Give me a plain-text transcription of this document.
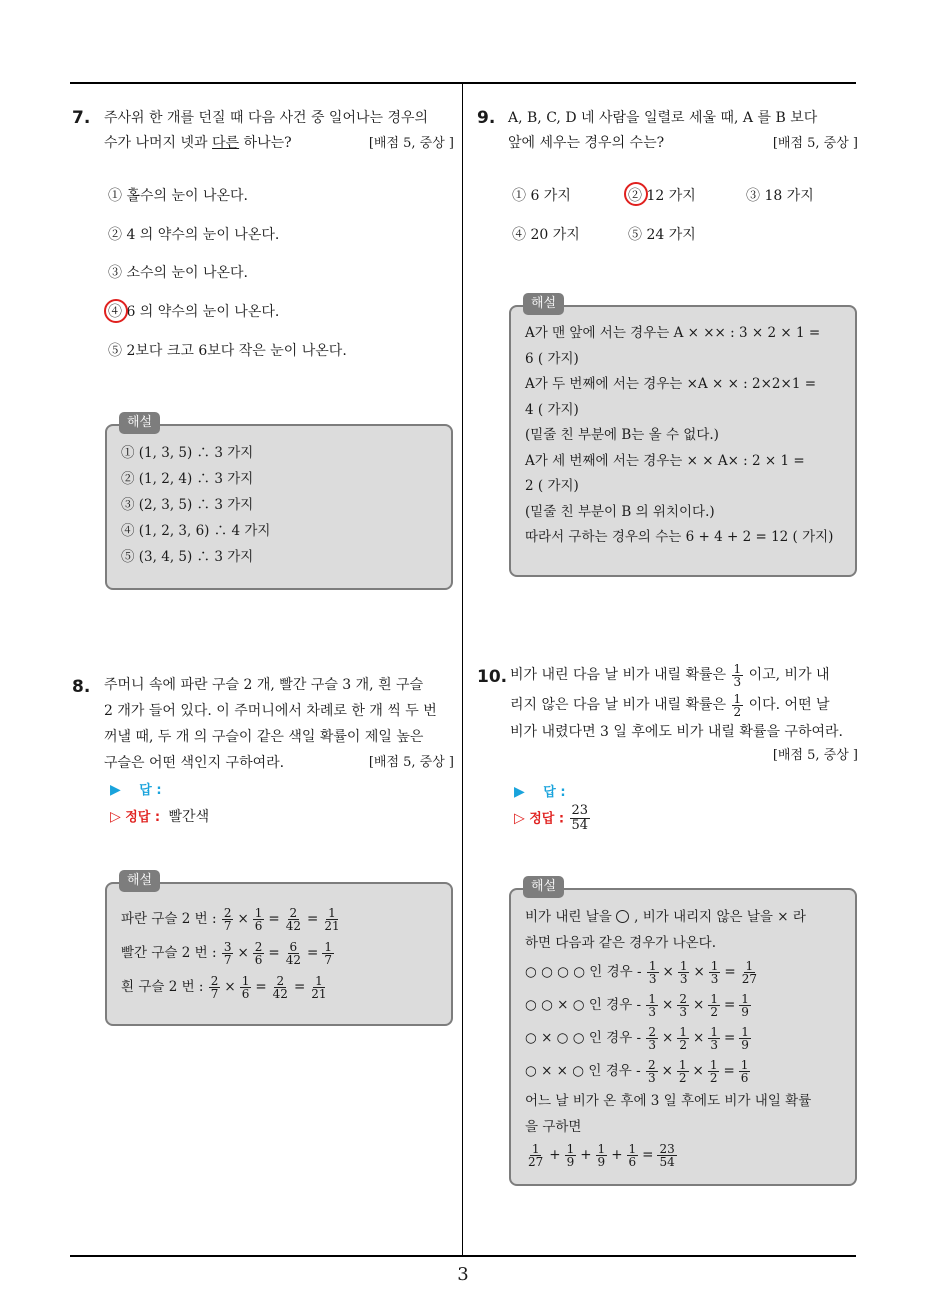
7. 주사위 한 개를 던질 때 다음 사건 중 일어나는 경우의
수가 나머지 넷과 다른 하나는?	[배점 5, 중상 ]
① 홀수의 눈이 나온다.
② 4 의 약수의 눈이 나온다.
③ 소수의 눈이 나온다.
④ 6 의 약수의 눈이 나온다.
⑤ 2보다 크고 6보다 작은 눈이 나온다.
해설
① (1, 3, 5) ∴ 3 가지
② (1, 2, 4) ∴ 3 가지
③ (2, 3, 5) ∴ 3 가지
④ (1, 2, 3, 6) ∴ 4 가지
⑤ (3, 4, 5) ∴ 3 가지
8. 주머니 속에 파란 구슬 2 개, 빨간 구슬 3 개, 흰 구슬
2 개가 들어 있다. 이 주머니에서 차례로 한 개 씩 두 번
꺼낼 때, 두 개 의 구슬이 같은 색일 확률이 제일 높은
구슬은 어떤 색인지 구하여라.	[배점 5, 중상 ]
▶ 답 :
▷ 정답 : 빨간색
해설
파란 구슬 2 번 : $\frac{2}{7} \times \frac{1}{6} = \frac{2}{42} = \frac{1}{21}$
빨간 구슬 2 번 : $\frac{3}{7} \times \frac{2}{6} = \frac{6}{42} = \frac{1}{7}$
흰 구슬 2 번 : $\frac{2}{7} \times \frac{1}{6} = \frac{2}{42} = \frac{1}{21}$
9. A, B, C, D 네 사람을 일렬로 세울 때, A 를 B 보다
앞에 세우는 경우의 수는?	[배점 5, 중상 ]
① 6 가지	② 12 가지	③ 18 가지
④ 20 가지	⑤ 24 가지
해설
A가 맨 앞에 서는 경우는 A × ×× : 3 × 2 × 1 =
6 ( 가지)
A가 두 번째에 서는 경우는 ×A × × : 2×2×1 =
4 ( 가지)
(밑줄 친 부분에 B는 올 수 없다.)
A가 세 번째에 서는 경우는 × × A× : 2 × 1 =
2 ( 가지)
(밑줄 친 부분이 B 의 위치이다.)
따라서 구하는 경우의 수는 6 + 4 + 2 = 12 ( 가지)
10. 비가 내린 다음 날 비가 내릴 확률은 $\frac{1}{3}$ 이고, 비가 내
리지 않은 다음 날 비가 내릴 확률은 $\frac{1}{2}$ 이다. 어떤 날
비가 내렸다면 3 일 후에도 비가 내릴 확률을 구하여라.
[배점 5, 중상 ]
▶ 답 :
▷ 정답 : $\frac{23}{54}$
해설
비가 내린 날을 , 비가 내리지 않은 날을 × 라
하면 다음과 같은 경우가 나온다.
○ ○ ○ ○ 인 경우 - $\frac{1}{3} \times \frac{1}{3} \times \frac{1}{3} = \frac{1}{27}$
○ ○ × ○ 인 경우 - $\frac{1}{3} \times \frac{2}{3} \times \frac{1}{2} = \frac{1}{9}$
○ × ○ ○ 인 경우 - $\frac{2}{3} \times \frac{1}{2} \times \frac{1}{3} = \frac{1}{9}$
○ × × ○ 인 경우 - $\frac{2}{3} \times \frac{1}{2} \times \frac{1}{2} = \frac{1}{6}$
어느 날 비가 온 후에 3 일 후에도 비가 내일 확률
을 구하면
$\frac{1}{27} + \frac{1}{9} + \frac{1}{9} + \frac{1}{6} = \frac{23}{54}$
3
